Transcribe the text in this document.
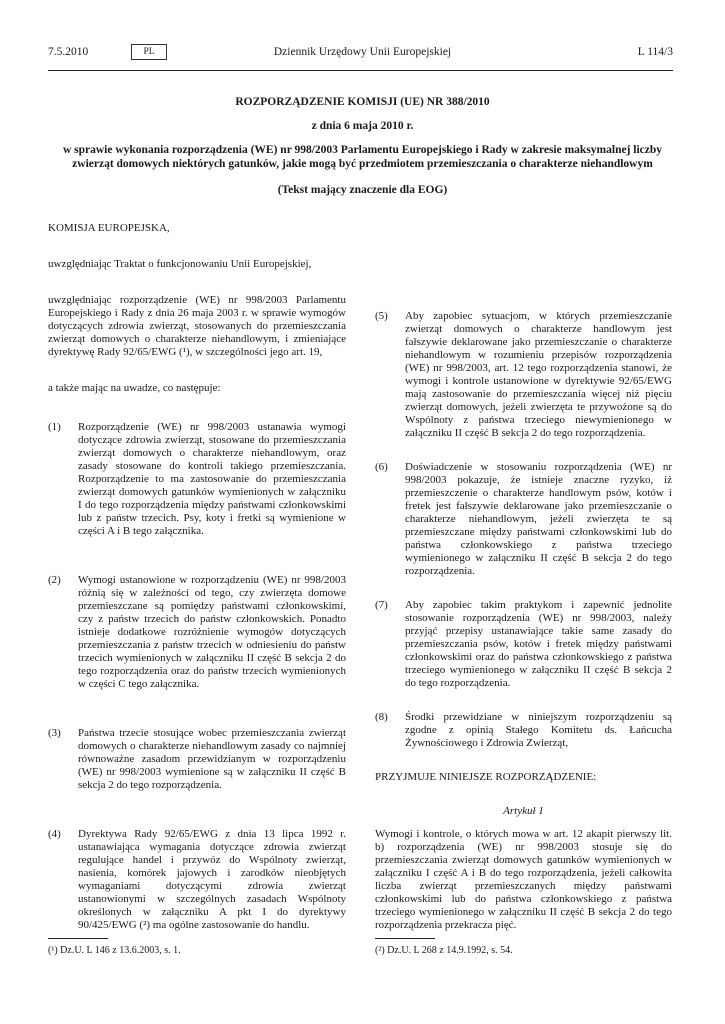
7.5.2010	PL	Dziennik Urzędowy Unii Europejskiej	L 114/3

ROZPORZĄDZENIE KOMISJI (UE) NR 388/2010

z dnia 6 maja 2010 r.

w sprawie wykonania rozporządzenia (WE) nr 998/2003 Parlamentu Europejskiego i Rady w zakresie maksymalnej liczby zwierząt domowych niektórych gatunków, jakie mogą być przedmiotem przemieszczania o charakterze niehandlowym

(Tekst mający znaczenie dla EOG)

KOMISJA EUROPEJSKA,

uwzględniając Traktat o funkcjonowaniu Unii Europejskiej,

uwzględniając rozporządzenie (WE) nr 998/2003 Parlamentu Europejskiego i Rady z dnia 26 maja 2003 r. w sprawie wymogów dotyczących zdrowia zwierząt, stosowanych do przemieszczania zwierząt domowych o charakterze niehandlowym, i zmieniające dyrektywę Rady 92/65/EWG (¹), w szczególności jego art. 19,

a także mając na uwadze, co następuje:

(1) Rozporządzenie (WE) nr 998/2003 ustanawia wymogi dotyczące zdrowia zwierząt, stosowane do przemieszczania zwierząt domowych o charakterze niehandlowym, oraz zasady stosowane do kontroli takiego przemieszczania. Rozporządzenie to ma zastosowanie do przemieszczania zwierząt domowych gatunków wymienionych w załączniku I do tego rozporządzenia między państwami członkowskimi lub z państw trzecich. Psy, koty i fretki są wymienione w części A i B tego załącznika.

(2) Wymogi ustanowione w rozporządzeniu (WE) nr 998/2003 różnią się w zależności od tego, czy zwierzęta domowe przemieszczane są pomiędzy państwami członkowskimi, czy z państw trzecich do państw członkowskich. Ponadto istnieje dodatkowe rozróżnienie wymogów dotyczących przemieszczania z państw trzecich w odniesieniu do państw trzecich wymienionych w załączniku II część B sekcja 2 do tego rozporządzenia oraz do państw trzecich wymienionych w części C tego załącznika.

(3) Państwa trzecie stosujące wobec przemieszczania zwierząt domowych o charakterze niehandlowym zasady co najmniej równoważne zasadom przewidzianym w rozporządzeniu (WE) nr 998/2003 wymienione są w załączniku II część B sekcja 2 do tego rozporządzenia.

(4) Dyrektywa Rady 92/65/EWG z dnia 13 lipca 1992 r. ustanawiająca wymagania dotyczące zdrowia zwierząt regulujące handel i przywóz do Wspólnoty zwierząt, nasienia, komórek jajowych i zarodków nieobjętych wymaganiami dotyczącymi zdrowia zwierząt ustanowionymi w szczególnych zasadach Wspólnoty określonych w załączniku A pkt I do dyrektywy 90/425/EWG (²) ma ogólne zastosowanie do handlu.

(5) Aby zapobiec sytuacjom, w których przemieszczanie zwierząt domowych o charakterze handlowym jest fałszywie deklarowane jako przemieszczanie o charakterze niehandlowym w rozumieniu przepisów rozporządzenia (WE) nr 998/2003, art. 12 tego rozporządzenia stanowi, że wymogi i kontrole ustanowione w dyrektywie 92/65/EWG mają zastosowanie do przemieszczania więcej niż pięciu zwierząt domowych, jeżeli zwierzęta te przywożone są do Wspólnoty z państwa trzeciego niewymienionego w załączniku II część B sekcja 2 do tego rozporządzenia.

(6) Doświadczenie w stosowaniu rozporządzenia (WE) nr 998/2003 pokazuje, że istnieje znaczne ryzyko, iż przemieszczenie o charakterze handlowym psów, kotów i fretek jest fałszywie deklarowane jako przemieszczanie o charakterze niehandlowym, jeżeli zwierzęta te są przemieszczane między państwami członkowskimi lub do państwa członkowskiego z państwa trzeciego wymienionego w załączniku II część B sekcja 2 do tego rozporządzenia.

(7) Aby zapobiec takim praktykom i zapewnić jednolite stosowanie rozporządzenia (WE) nr 998/2003, należy przyjąć przepisy ustanawiające takie same zasady do przemieszczania psów, kotów i fretek między państwami członkowskimi oraz do państwa członkowskiego z państwa trzeciego wymienionego w załączniku II część B sekcja 2 do tego rozporządzenia.

(8) Środki przewidziane w niniejszym rozporządzeniu są zgodne z opinią Stałego Komitetu ds. Łańcucha Żywnościowego i Zdrowia Zwierząt,

PRZYJMUJE NINIEJSZE ROZPORZĄDZENIE:

Artykuł 1

Wymogi i kontrole, o których mowa w art. 12 akapit pierwszy lit. b) rozporządzenia (WE) nr 998/2003 stosuje się do przemieszczania zwierząt domowych gatunków wymienionych w załączniku I część A i B do tego rozporządzenia, jeżeli całkowita liczba zwierząt przemieszczanych między państwami członkowskimi lub do państwa członkowskiego z państwa trzeciego wymienionego w załączniku II część B sekcja 2 do tego rozporządzenia przekracza pięć.

(¹) Dz.U. L 146 z 13.6.2003, s. 1.	(²) Dz.U. L 268 z 14.9.1992, s. 54.
